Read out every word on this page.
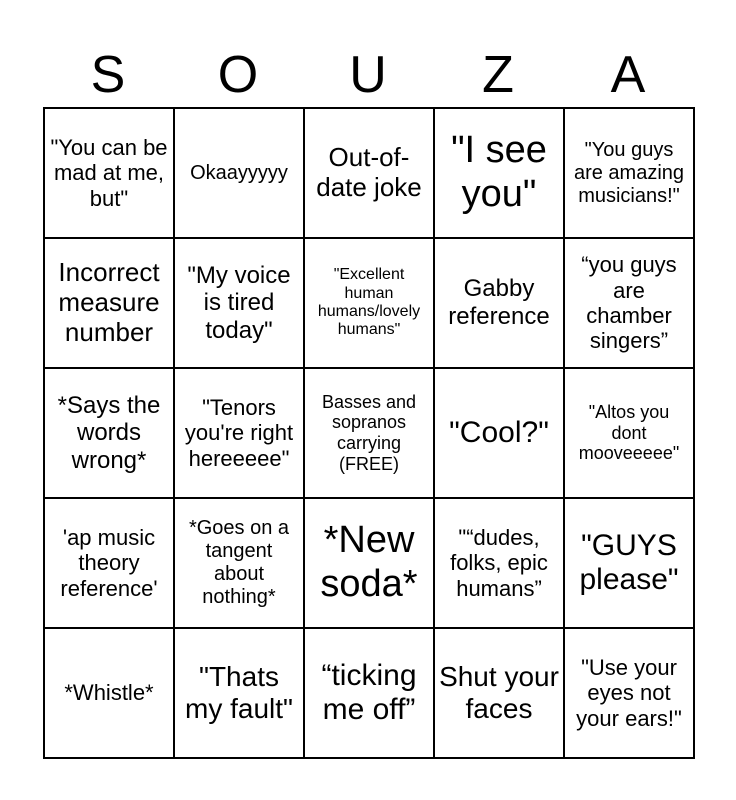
S	O	U	Z	A
"You can be mad at me, but"	Okaayyyyy	Out-of-date joke	"I see you"	"You guys are amazing musicians!"
Incorrect measure number	"My voice is tired today"	"Excellent human humans/lovely humans"	Gabby reference	“you guys are chamber singers”
*Says the words wrong*	"Tenors you're right hereeeee"	Basses and sopranos carrying (FREE)	"Cool?"	"Altos you dont mooveeeee"
'ap music theory reference'	*Goes on a tangent about nothing*	*New soda*	"“dudes, folks, epic humans”	"GUYS please"
*Whistle*	"Thats my fault"	“ticking me off”	Shut your faces	"Use your eyes not your ears!"
